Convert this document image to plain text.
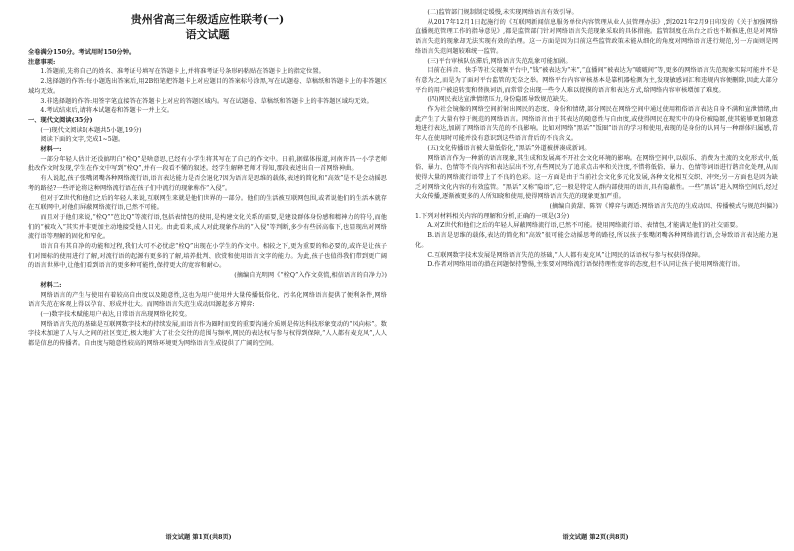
贵州省高三年级适应性联考(一)
语文试题

全卷满分150分。考试用时150分钟。

注意事项:

1.答题前,先将自己的姓名、准考证号填写在答题卡上,并将准考证号条形码粘贴在答题卡上的指定位置。

2.选择题的作答:每小题选出答案后,用2B铅笔把答题卡上对应题目的答案标号涂黑,写在试题卷、草稿纸和答题卡上的非答题区域均无效。

3.非选择题的作答:用签字笔直接答在答题卡上对应的答题区域内。写在试题卷、草稿纸和答题卡上的非答题区域均无效。

4.考试结束后,请将本试题卷和答题卡一并上交。

一、现代文阅读(35分)

(一)现代文阅读Ⅰ(本题共5小题,19分)

阅读下面的文字,完成1~5题。

材料一:

一部分年轻人估计还没搞明白“栓Q”是啥意思,已经有小学生将其写在了自己的作文中。日前,据媒体报道,河南许昌一小学老师批改作文时发现,学生在作文中写到“栓Q”,并有一段看不懂的叙述。经学生解释老师才得知,那段表述出自一首网络神曲。

有人说起,孩子张嘴闭嘴各种网络流行语,语言表达能力是否会退化?因为语言是思维的载体,表述的简化和“高效”是不是会动摇思考的路径?一些评论将这种网络流行语在孩子们中流行的现象称作“入侵”。

但对于Z世代和他们之后的年轻人来说,互联网生来就是他们世界的一部分。他们的生活被互联网包围,或者说他们的生活本就存在互联网中,对他们屏蔽网络流行语,已然不可能。

而且对于他们来说,“栓Q”“芭比Q”等流行语,包括表情包的使用,是构建文化关系的需要,是建设群体身份感和精神力的符号,而他们的“被攻入”其实并非更加主动地接受他人目光。由此看来,成人对此现象作出的“入侵”等判断,多少有些居高临下,也显现出对网络流行语等理解的固化和窄化。

语言自有其自净的功能和过程,我们大可不必忧虑“栓Q”出现在小学生的作文中。相较之下,更为重要的和必要的,或许是让孩子们对图标的使用进行了解,对流行语的起源有更多的了解,培养批判、欣赏和使用语言文字的能力。为此,孩子也值得我们带到更广阔的语言世界中,让他们看到语言的更多种可能性,保持更大的宽容和耐心。

(摘编自光明网《“栓Q”入作文莫慌,相信语言的自净力》)

材料二:

网络语言的产生与使用有着较高自由度以及随意性,这也为用户使用并大量传播低俗化、污名化网络语言提供了便利条件,网络语言失范在客观上得以孕育、形成并壮大。而网络语言失范生成动因源起多方博弈:

(一)数字技术赋能用户表达,日常语言出现网络化转变。

网络语言失范的基础是互联网数字技术的持续发展,而语言作为圈时而变的重要沟通介质则是传达科技形象变动的“风向标”。数字技术加速了人与人之间的社区变迁,极大地扩大了社会交往的范围与频率,网民的表达权与参与权得到保障,“人人都有麦克风”,人人都是信息的传播者。自由度与随意性较高的网络环境更为网络语言生成提供了广阔的空间。

语文试题 第1页(共8页)

(二)监管部门规制制定缓慢,未实现网络语言有效引导。

从2017年12月1日起施行的《互联网新闻信息服务单位内容管理从业人员管理办法》,到2021年2月9日印发的《关于加强网络直播规范管理工作的指导意见》,都是监管部门针对网络语言失范现象采取的具体措施。监管制度在出台之后也不断推进,但是对网络语言失范的现象却无法实现有效的治理。这一方面是因为目前这些监管政策未能从细化的角度对网络语言进行规范,另一方面则是网络语言失范问题较难统一监管。

(三)平台审核队伍滞后,网络语言失范乱象可能加剧。

目前在抖音、快手等社交视频平台中,“钱”被表达为“米”,“直播间”被表达为“啵啵间”等,更多的网络语言失范现象实际可能并不是有意为之,而是为了面对平台监管的无奈之举。网络平台内容审核基本是靠机器检测为主,发现敏感词汇和违规内容便删除,因此大部分平台的用户被迫转变和替换词语,而常常会出现一些令人难以捉摸的语言和表达方式,给网络内容审核增加了难度。

(四)网民表达宣泄情绪压力,身份隐匿导致规范缺失。

作为社会镜像的网络空间折射出网民的态度、身份和情绪,部分网民在网络空间中通过使用粗俗语言表达自身不满和宣泄情绪,由此产生了大量有悖于规范的网络语言。网络语言由于其表达的随意性与自由度,或使得网民在现实中的身份被隐匿,使其能够更加随意地进行表达,加剧了网络语言失范的不良影响。比如对网络“黑话”“饭圈”语言的学习和使用,表现的是身份的认同与一种群体归属感,青年人在使用时可能并没有意识到这些语言背后的不良含义。

(五)文化传播语言被大量低俗化,“黑话”外道被拼凑成新词。

网络语言作为一种新的语言现象,其生成和发展离不开社会文化环境的影响。在网络空间中,以娱乐、消费为主流的文化形式中,低俗、暴力、色情等不良内容和表达层出不穷,有些网民为了追求点击率和关注度,不惜将低俗、暴力、色情等词语进行谐音化处理,从而使得大量的网络流行语带上了不良的色彩。这一方面是由于当前社会文化多元化发展,各种文化相互交织、冲突;另一方面也是因为缺乏对网络文化内容的有效监管。“黑话”又称“隐语”,它一般是特定人群内部使用的语言,具有隐蔽性。一些“黑话”进入网络空间后,经过大众传播,逐渐被更多的人所知晓和使用,使得网络语言失范的现象更加严重。

(摘编自黄甜、陈智《博弈与调适:网络语言失范的生成动因、传播模式与规范纠偏》)

1.下列对材料相关内容的理解和分析,正确的一项是(3分)

A.对Z世代和他们之后的年轻人屏蔽网络流行语,已然不可能。使用网络流行语、表情包,才能满足他们的社交需要。

B.语言是思维的载体,表达的简化和“高效”很可能会动摇思考的路径,所以孩子张嘴闭嘴各种网络流行语,会导致语言表达能力退化。

C.互联网数字技术发展是网络语言失范的基础,“人人都有麦克风”让网民的话语权与参与权获得保障。

D.作者对网络用语的潜在问题保持警惕,主张要对网络流行语保持理性宽容的态度,但不认同让孩子使用网络流行语。

语文试题 第2页(共8页)
